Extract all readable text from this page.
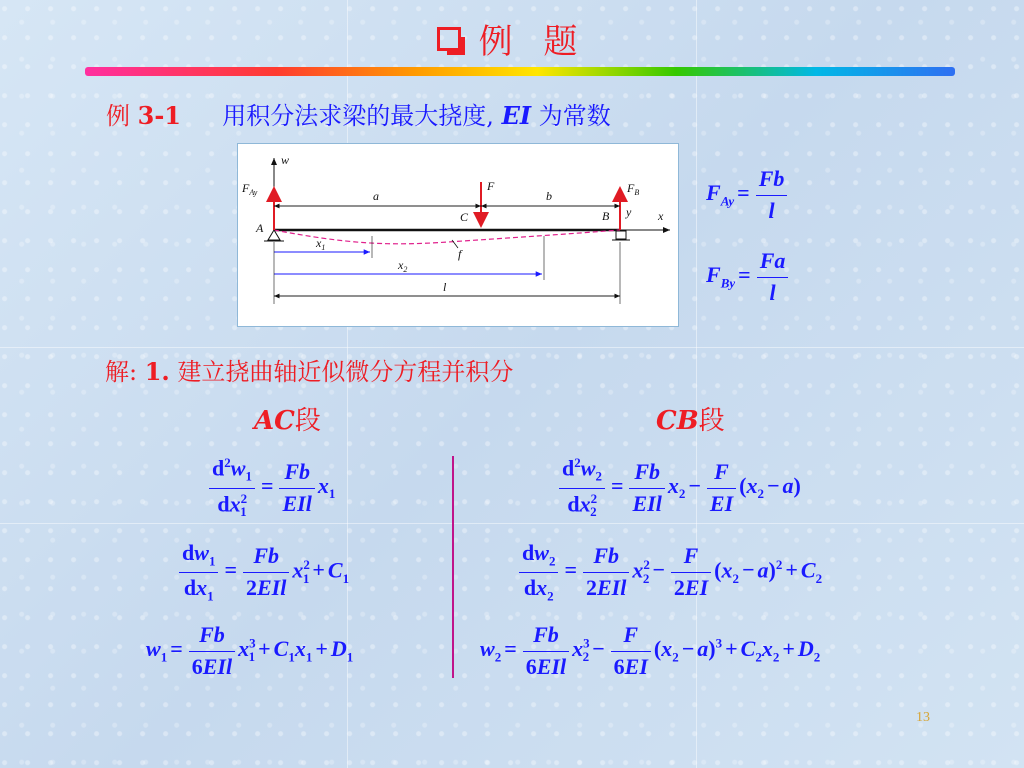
例 题
例 3-1 用积分法求梁的最大挠度, EI 为常数
w
x
f
A
B y
$F_{Ay}$	$F_B$
F
C
a	b
$x_1$
$x_2$
l
$F_{Ay} = \frac{Fb}{l}$
$F_{By} = \frac{Fa}{l}$
解: 1. 建立挠曲轴近似微分方程并积分
AC段	CB段
$\frac{d^2w_1}{dx^2_1} = \frac{Fb}{\text{EIl}} x_1$
$\frac{dw_1}{dx_1} = \frac{Fb}{\text{2EIl}} x^2_1 + C_1$
$w_1 = \frac{Fb}{\text{6EIl}} x^3_1 + C_1x_1 + D_1$
$\frac{d^2w_2}{dx^2_2} = \frac{Fb}{\text{EIl}} x_2 - \frac{F}{EI} (x_2 - a)$
$\frac{dw_2}{dx_2} = \frac{Fb}{\text{2EIl}} x^2_2 - \frac{F}{2EI} (x_2 - a)^2 + C_2$
$w_2 = \frac{Fb}{\text{6EIl}} x^3_2 - \frac{F}{6EI} (x_2 - a)^3 + C_2x_2 + D_2$
13
